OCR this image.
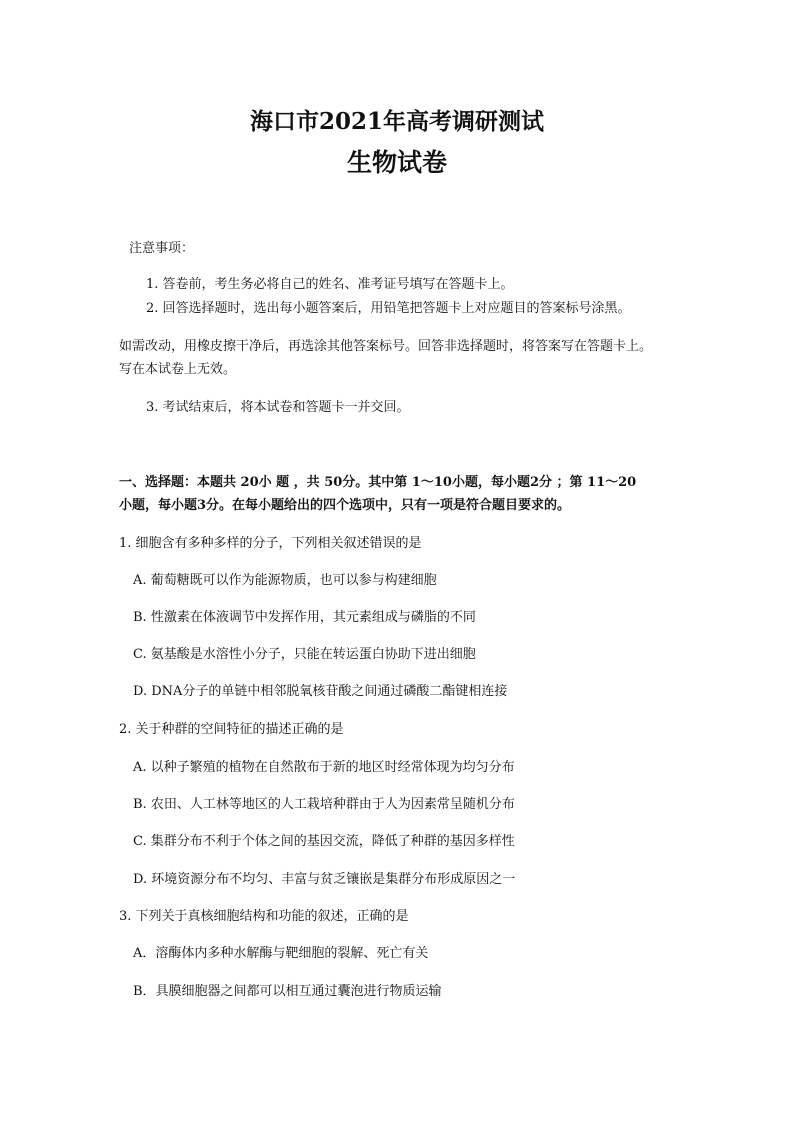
海口市2021年高考调研测试
生物试卷
注意事项：
1. 答卷前，考生务必将自己的姓名、准考证号填写在答题卡上。
2. 回答选择题时，选出每小题答案后，用铅笔把答题卡上对应题目的答案标号涂黑。
如需改动，用橡皮擦干净后，再选涂其他答案标号。回答非选择题时，将答案写在答题卡上。
写在本试卷上无效。
3. 考试结束后，将本试卷和答题卡一并交回。
一、选择题：本题共 20小 题 ，共 50分。其中第 1～10小题，每小题2分 ；第 11～20
小题，每小题3分。在每小题给出的四个选项中，只有一项是符合题目要求的。
1. 细胞含有多种多样的分子，下列相关叙述错误的是
A. 葡萄糖既可以作为能源物质，也可以参与构建细胞
B. 性激素在体液调节中发挥作用，其元素组成与磷脂的不同
C. 氨基酸是水溶性小分子，只能在转运蛋白协助下进出细胞
D. DNA分子的单链中相邻脱氧核苷酸之间通过磷酸二酯键相连接
2. 关于种群的空间特征的描述正确的是
A. 以种子繁殖的植物在自然散布于新的地区时经常体现为均匀分布
B. 农田、人工林等地区的人工栽培种群由于人为因素常呈随机分布
C. 集群分布不利于个体之间的基因交流，降低了种群的基因多样性
D. 环境资源分布不均匀、丰富与贫乏镶嵌是集群分布形成原因之一
3. 下列关于真核细胞结构和功能的叙述，正确的是
A．溶酶体内多种水解酶与靶细胞的裂解、死亡有关
B．具膜细胞器之间都可以相互通过囊泡进行物质运输
